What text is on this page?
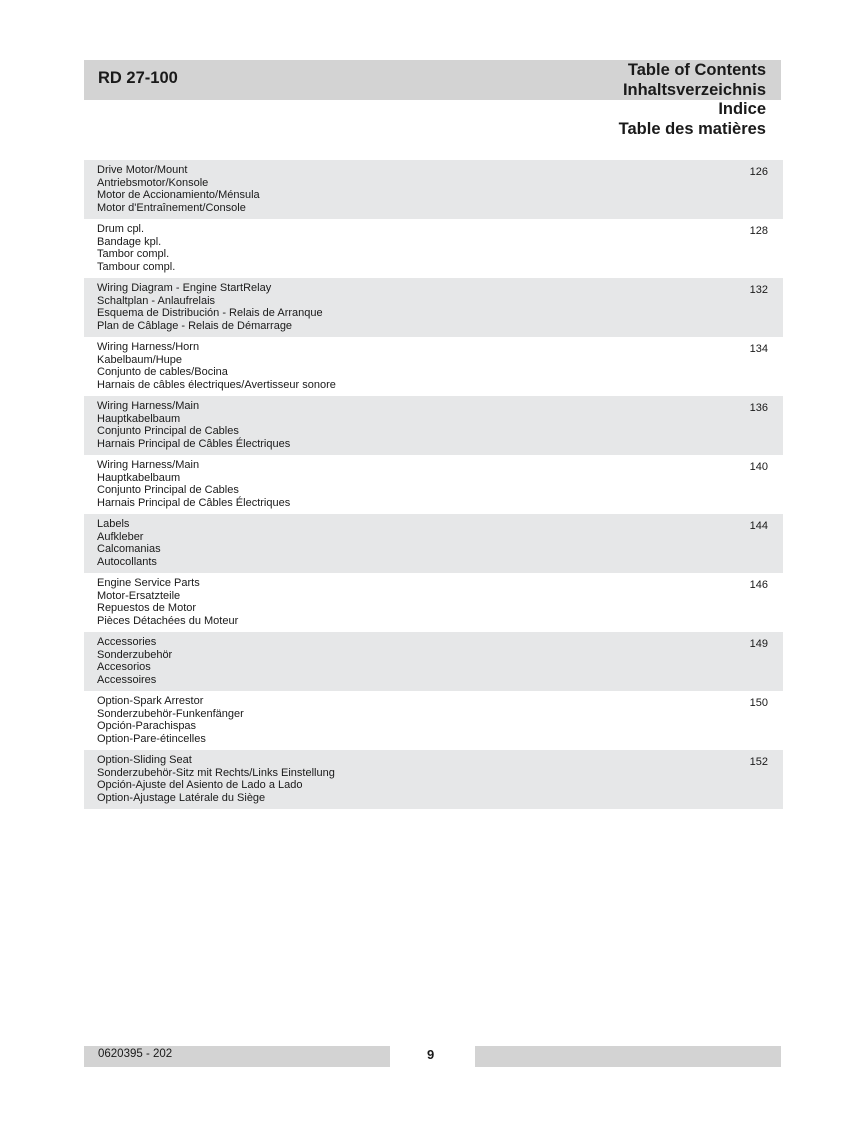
RD 27-100	Table of Contents
Inhaltsverzeichnis
Indice
Table des matières
Drive Motor/Mount
Antriebsmotor/Konsole
Motor de Accionamiento/Ménsula
Motor d'Entraînement/Console
126
Drum cpl.
Bandage kpl.
Tambor compl.
Tambour compl.
128
Wiring Diagram - Engine StartRelay
Schaltplan - Anlaufrelais
Esquema de Distribución - Relais de Arranque
Plan de Câblage - Relais de Démarrage
132
Wiring Harness/Horn
Kabelbaum/Hupe
Conjunto de cables/Bocina
Harnais de câbles électriques/Avertisseur sonore
134
Wiring Harness/Main
Hauptkabelbaum
Conjunto Principal de Cables
Harnais Principal de Câbles Électriques
136
Wiring Harness/Main
Hauptkabelbaum
Conjunto Principal de Cables
Harnais Principal de Câbles Électriques
140
Labels
Aufkleber
Calcomanias
Autocollants
144
Engine Service Parts
Motor-Ersatzteile
Repuestos de Motor
Pièces Détachées du Moteur
146
Accessories
Sonderzubehör
Accesorios
Accessoires
149
Option-Spark Arrestor
Sonderzubehör-Funkenfänger
Opción-Parachispas
Option-Pare-étincelles
150
Option-Sliding Seat
Sonderzubehör-Sitz mit Rechts/Links Einstellung
Opción-Ajuste del Asiento de Lado a Lado
Option-Ajustage Latérale du Siège
152
0620395 - 202	9
